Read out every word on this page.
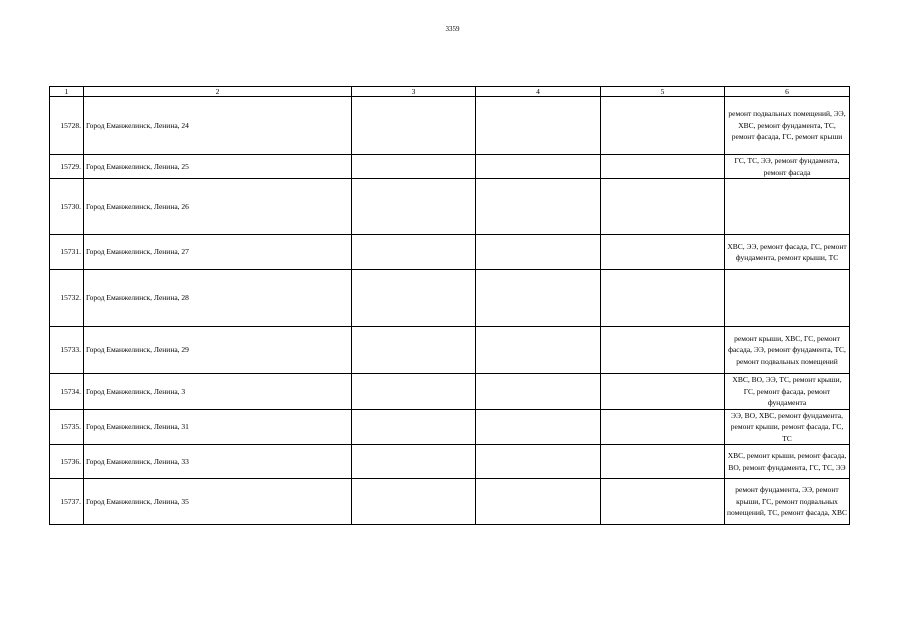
3359
1	2	3	4	5	6
15728.	Город Еманжелинск, Ленина, 24				ремонт подвальных помещений, ЭЭ, ХВС, ремонт фундамента, ТС, ремонт фасада, ГС, ремонт крыши
15729.	Город Еманжелинск, Ленина, 25				ГС, ТС, ЭЭ, ремонт фундамента, ремонт фасада
15730.	Город Еманжелинск, Ленина, 26				
15731.	Город Еманжелинск, Ленина, 27				ХВС, ЭЭ, ремонт фасада, ГС, ремонт фундамента, ремонт крыши, ТС
15732.	Город Еманжелинск, Ленина, 28				
15733.	Город Еманжелинск, Ленина, 29				ремонт крыши, ХВС, ГС, ремонт фасада, ЭЭ, ремонт фундамента, ТС, ремонт подвальных помещений
15734.	Город Еманжелинск, Ленина, 3				ХВС, ВО, ЭЭ, ТС, ремонт крыши, ГС, ремонт фасада, ремонт фундамента
15735.	Город Еманжелинск, Ленина, 31				ЭЭ, ВО, ХВС, ремонт фундамента, ремонт крыши, ремонт фасада, ГС, ТС
15736.	Город Еманжелинск, Ленина, 33				ХВС, ремонт крыши, ремонт фасада, ВО, ремонт фундамента, ГС, ТС, ЭЭ
15737.	Город Еманжелинск, Ленина, 35				ремонт фундамента, ЭЭ, ремонт крыши, ГС, ремонт подвальных помещений, ТС, ремонт фасада, ХВС
